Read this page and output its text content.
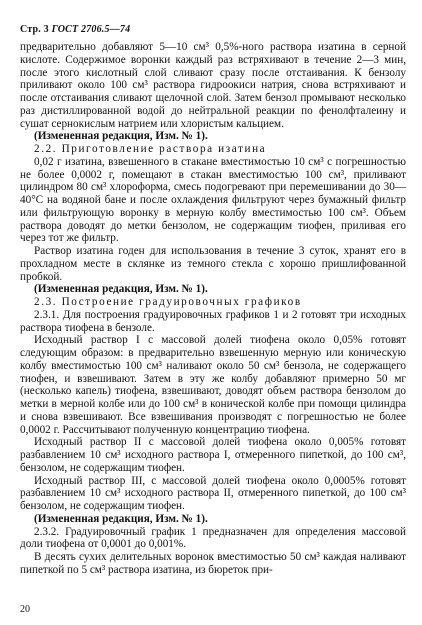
Стр. 3 ГОСТ 2706.5—74

предварительно добавляют 5—10 см³ 0,5%-ного раствора изатина в серной кислоте. Содержимое воронки каждый раз встряхивают в течение 2—3 мин, после этого кислотный слой сливают сразу после отстаивания. К бензолу приливают около 100 см³ раствора гидроокиси натрия, снова встряхивают и после отстаивания сливают щелочной слой. Затем бензол промывают несколько раз дистиллированной водой до нейтральной реакции по фенолфталеину и сушат сернокислым натрием или хлористым кальцием.

(Измененная редакция, Изм. № 1).

2.2. Приготовление раствора изатина

0,02 г изатина, взвешенного в стакане вместимостью 10 см³ с погрешностью не более 0,0002 г, помещают в стакан вместимостью 100 см³, приливают цилиндром 80 см³ хлороформа, смесь подогревают при перемешивании до 30—40°С на водяной бане и после охлаждения фильтруют через бумажный фильтр или фильтрующую воронку в мерную колбу вместимостью 100 см³. Объем раствора доводят до метки бензолом, не содержащим тиофен, приливая его через тот же фильтр.

Раствор изатина годен для использования в течение 3 суток, хранят его в прохладном месте в склянке из темного стекла с хорошо пришлифованной пробкой.

(Измененная редакция, Изм. № 1).

2.3. Построение градуировочных графиков

2.3.1. Для построения градуировочных графиков 1 и 2 готовят три исходных раствора тиофена в бензоле.

Исходный раствор I с массовой долей тиофена около 0,05% готовят следующим образом: в предварительно взвешенную мерную или коническую колбу вместимостью 100 см³ наливают около 50 см³ бензола, не содержащего тиофен, и взвешивают. Затем в эту же колбу добавляют примерно 50 мг (несколько капель) тиофена, взвешивают, доводят объем раствора бензолом до метки в мерной колбе или до 100 см³ в конической колбе при помощи цилиндра и снова взвешивают. Все взвешивания производят с погрешностью не более 0,0002 г. Рассчитывают полученную концентрацию тиофена.

Исходный раствор II с массовой долей тиофена около 0,005% готовят разбавлением 10 см³ исходного раствора I, отмеренного пипеткой, до 100 см³, бензолом, не содержащим тиофен.

Исходный раствор III, с массовой долей тиофена около 0,0005% готовят разбавлением 10 см³ исходного раствора II, отмеренного пипеткой, до 100 см³ бензолом, не содержащим тиофен.

(Измененная редакция, Изм. № 1).

2.3.2. Градуировочный график 1 предназначен для определения массовой доли тиофена от 0,0001 до 0,001%.

В десять сухих делительных воронок вместимостью 50 см³ каждая наливают пипеткой по 5 см³ раствора изатина, из бюреток при-

20
